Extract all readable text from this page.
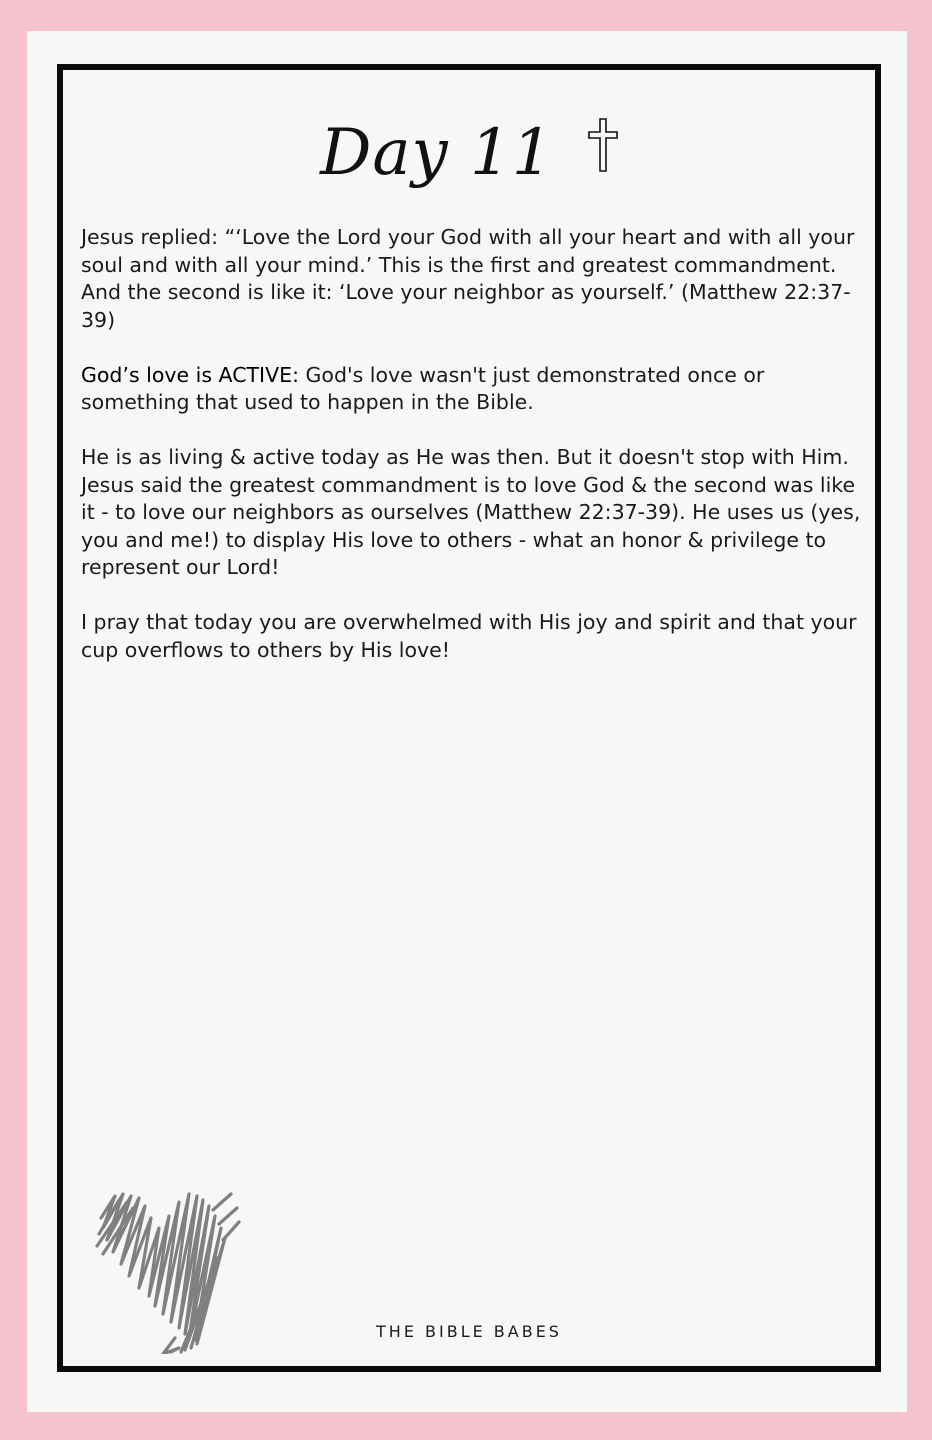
Day 11

Jesus replied: “‘Love the Lord your God with all your heart and with all your soul and with all your mind.’ This is the first and greatest commandment. And the second is like it: ‘Love your neighbor as yourself.’ (Matthew 22:37-39)

God’s love is ACTIVE: God's love wasn't just demonstrated once or something that used to happen in the Bible.

He is as living & active today as He was then. But it doesn't stop with Him. Jesus said the greatest commandment is to love God & the second was like it - to love our neighbors as ourselves (Matthew 22:37-39). He uses us (yes, you and me!) to display His love to others - what an honor & privilege to represent our Lord!

I pray that today you are overwhelmed with His joy and spirit and that your cup overflows to others by His love!

THE BIBLE BABES
